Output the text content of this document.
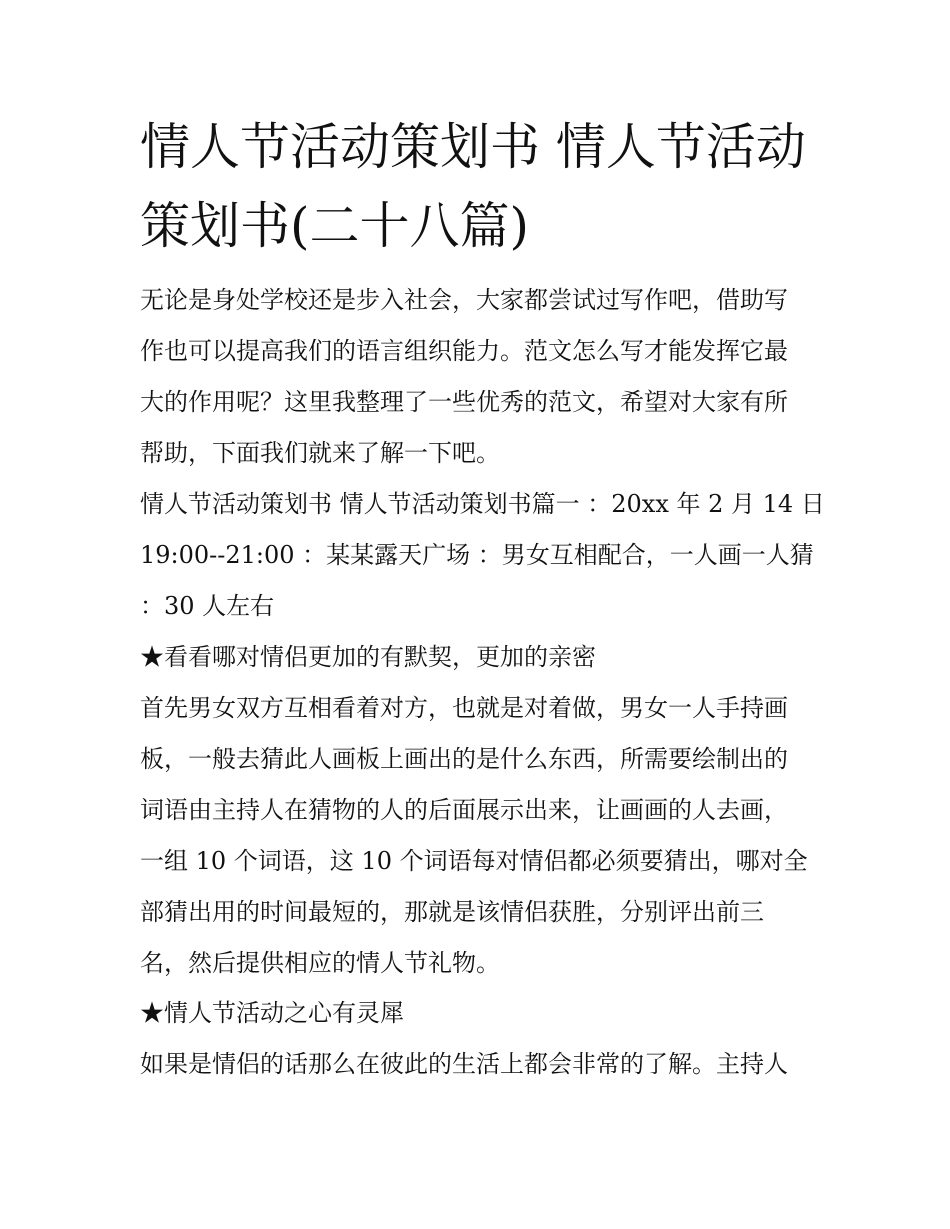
情人节活动策划书 情人节活动
策划书(二十八篇)
无论是身处学校还是步入社会，大家都尝试过写作吧，借助写
作也可以提高我们的语言组织能力。范文怎么写才能发挥它最
大的作用呢？这里我整理了一些优秀的范文，希望对大家有所
帮助，下面我们就来了解一下吧。
情人节活动策划书 情人节活动策划书篇一 ：20xx 年 2 月 14 日
19:00--21:00 ：某某露天广场 ：男女互相配合，一人画一人猜
：30 人左右
★看看哪对情侣更加的有默契，更加的亲密
首先男女双方互相看着对方，也就是对着做，男女一人手持画
板，一般去猜此人画板上画出的是什么东西，所需要绘制出的
词语由主持人在猜物的人的后面展示出来，让画画的人去画，
一组 10 个词语，这 10 个词语每对情侣都必须要猜出，哪对全
部猜出用的时间最短的，那就是该情侣获胜，分别评出前三
名，然后提供相应的情人节礼物。
★情人节活动之心有灵犀
如果是情侣的话那么在彼此的生活上都会非常的了解。主持人
